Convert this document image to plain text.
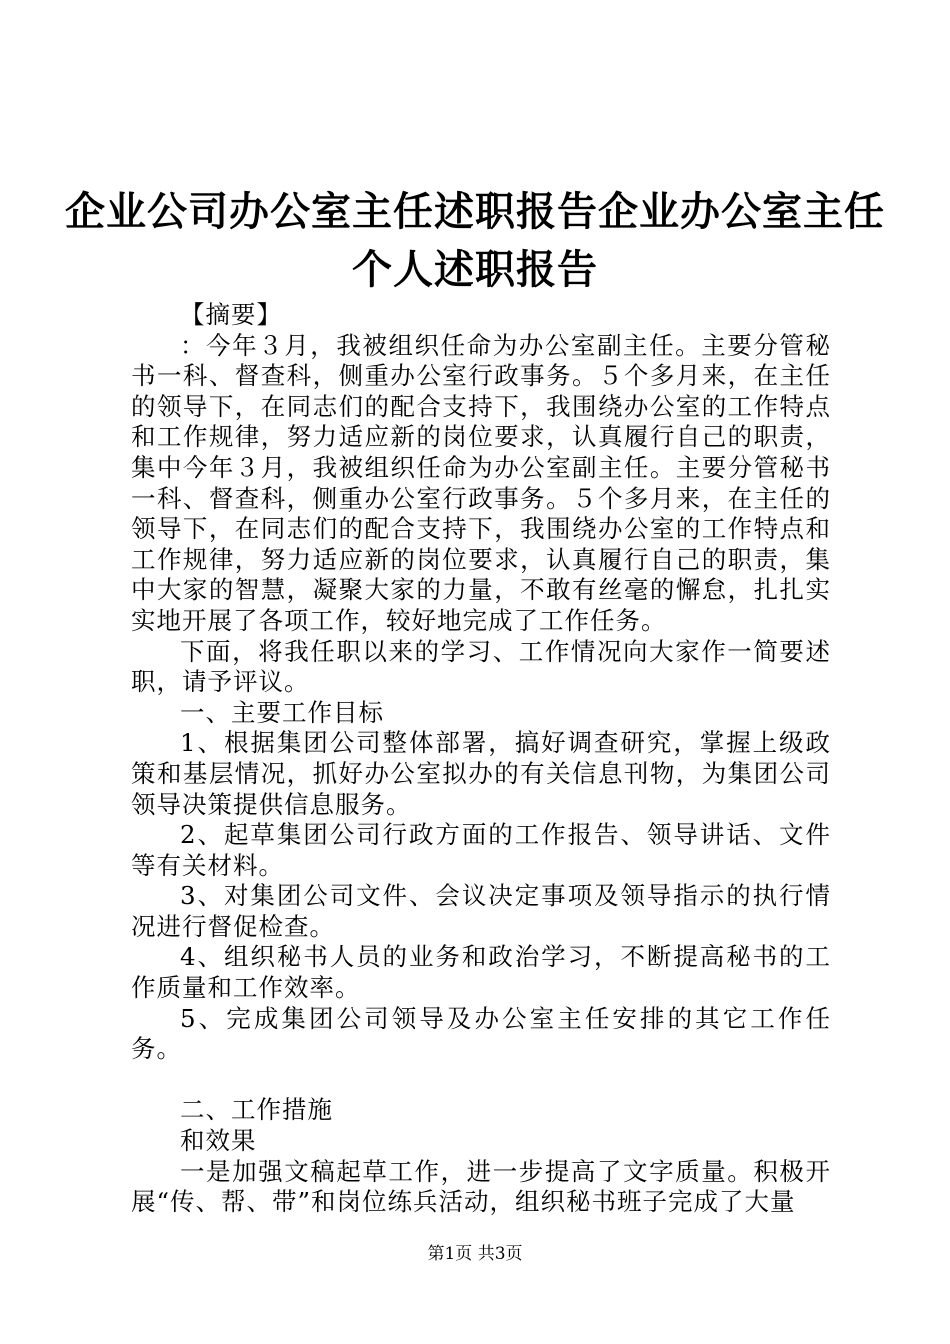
企业公司办公室主任述职报告企业办公室主任
个人述职报告

【摘要】

：今年３月，我被组织任命为办公室副主任。主要分管秘书一科、督查科，侧重办公室行政事务。５个多月来，在主任的领导下，在同志们的配合支持下，我围绕办公室的工作特点和工作规律，努力适应新的岗位要求，认真履行自己的职责，集中今年３月，我被组织任命为办公室副主任。主要分管秘书一科、督查科，侧重办公室行政事务。５个多月来，在主任的领导下，在同志们的配合支持下，我围绕办公室的工作特点和工作规律，努力适应新的岗位要求，认真履行自己的职责，集中大家的智慧，凝聚大家的力量，不敢有丝毫的懈怠，扎扎实实地开展了各项工作，较好地完成了工作任务。

下面，将我任职以来的学习、工作情况向大家作一简要述职，请予评议。

一、主要工作目标

1、根据集团公司整体部署，搞好调查研究，掌握上级政策和基层情况，抓好办公室拟办的有关信息刊物，为集团公司领导决策提供信息服务。

2、起草集团公司行政方面的工作报告、领导讲话、文件等有关材料。

3、对集团公司文件、会议决定事项及领导指示的执行情况进行督促检查。

4、组织秘书人员的业务和政治学习，不断提高秘书的工作质量和工作效率。

5、完成集团公司领导及办公室主任安排的其它工作任务。

二、工作措施

和效果

一是加强文稿起草工作，进一步提高了文字质量。积极开展“传、帮、带”和岗位练兵活动，组织秘书班子完成了大量

第1页 共3页
